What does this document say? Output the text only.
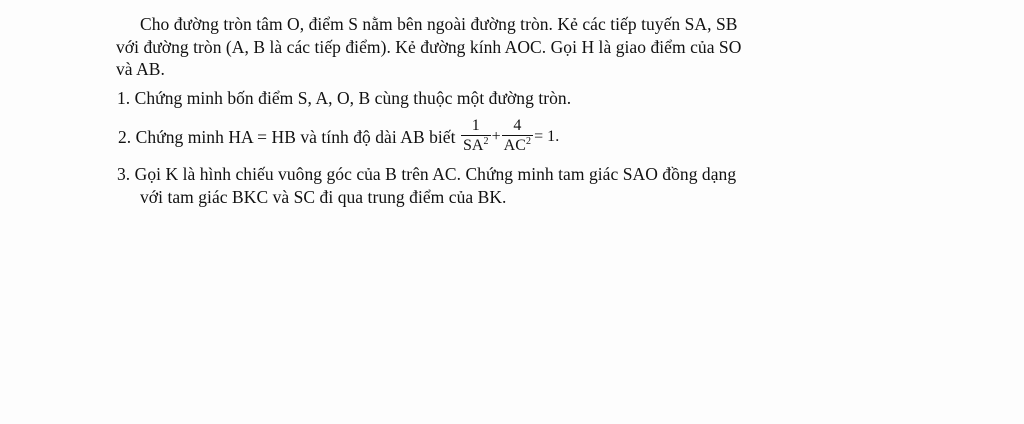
Cho đường tròn tâm O, điểm S nằm bên ngoài đường tròn. Kẻ các tiếp tuyến SA, SB
với đường tròn (A, B là các tiếp điểm). Kẻ đường kính AOC. Gọi H là giao điểm của SO
và AB.
1. Chứng minh bốn điểm S, A, O, B cùng thuộc một đường tròn.
2. Chứng minh HA = HB và tính độ dài AB biết $\frac{1}{SA^2} + \frac{4}{AC^2} = 1$.
3. Gọi K là hình chiếu vuông góc của B trên AC. Chứng minh tam giác SAO đồng dạng
với tam giác BKC và SC đi qua trung điểm của BK.
